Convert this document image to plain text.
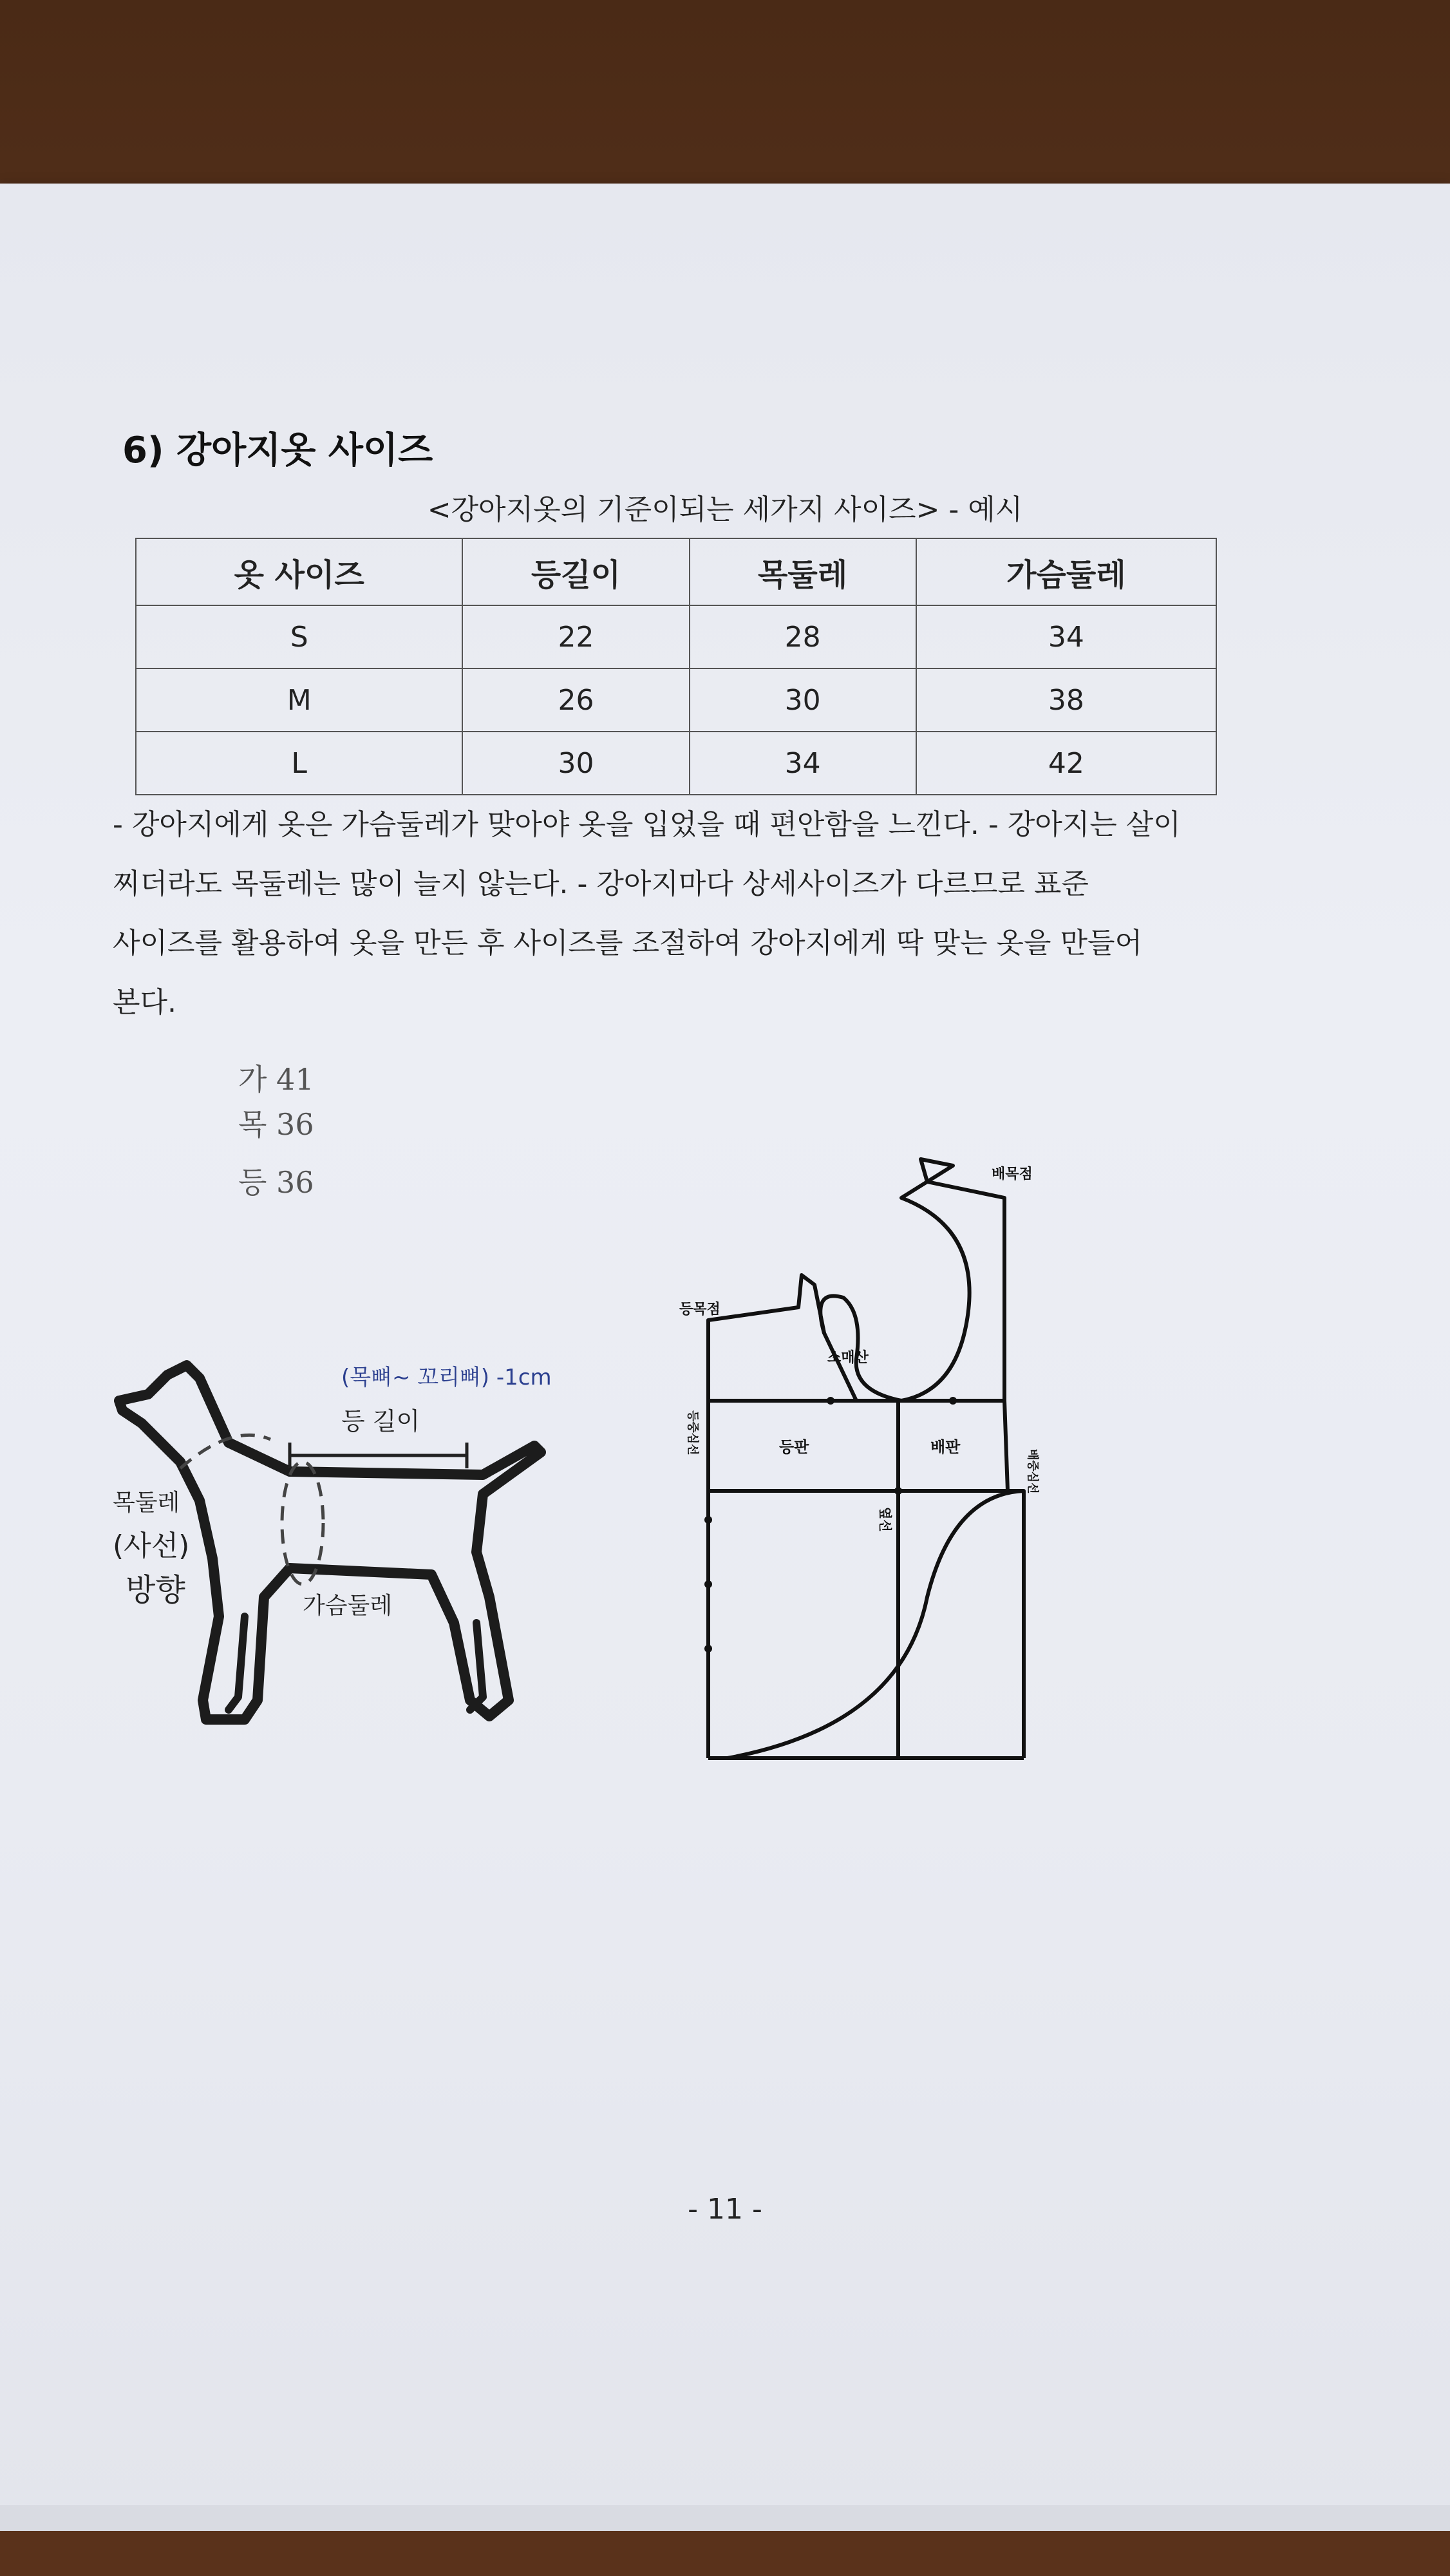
6) 강아지옷 사이즈
<강아지옷의 기준이되는 세가지 사이즈> - 예시
옷 사이즈	등길이	목둘레	가슴둘레
S	22	28	34
M	26	30	38
L	30	34	42
- 강아지에게 옷은 가슴둘레가 맞아야 옷을 입었을 때 편안함을 느낀다. - 강아지는 살이
찌더라도 목둘레는 많이 늘지 않는다. - 강아지마다 상세사이즈가 다르므로 표준
사이즈를 활용하여 옷을 만든 후 사이즈를 조절하여 강아지에게 딱 맞는 옷을 만들어
본다.
가 41
목 36
등 36
(목뼈~ 꼬리뼈) -1cm
등 길이
목둘레
(사선)
방향	가슴둘레
등목점
배목점
소매산
등판	배판
등중심선
배중심선
옆선
- 11 -
